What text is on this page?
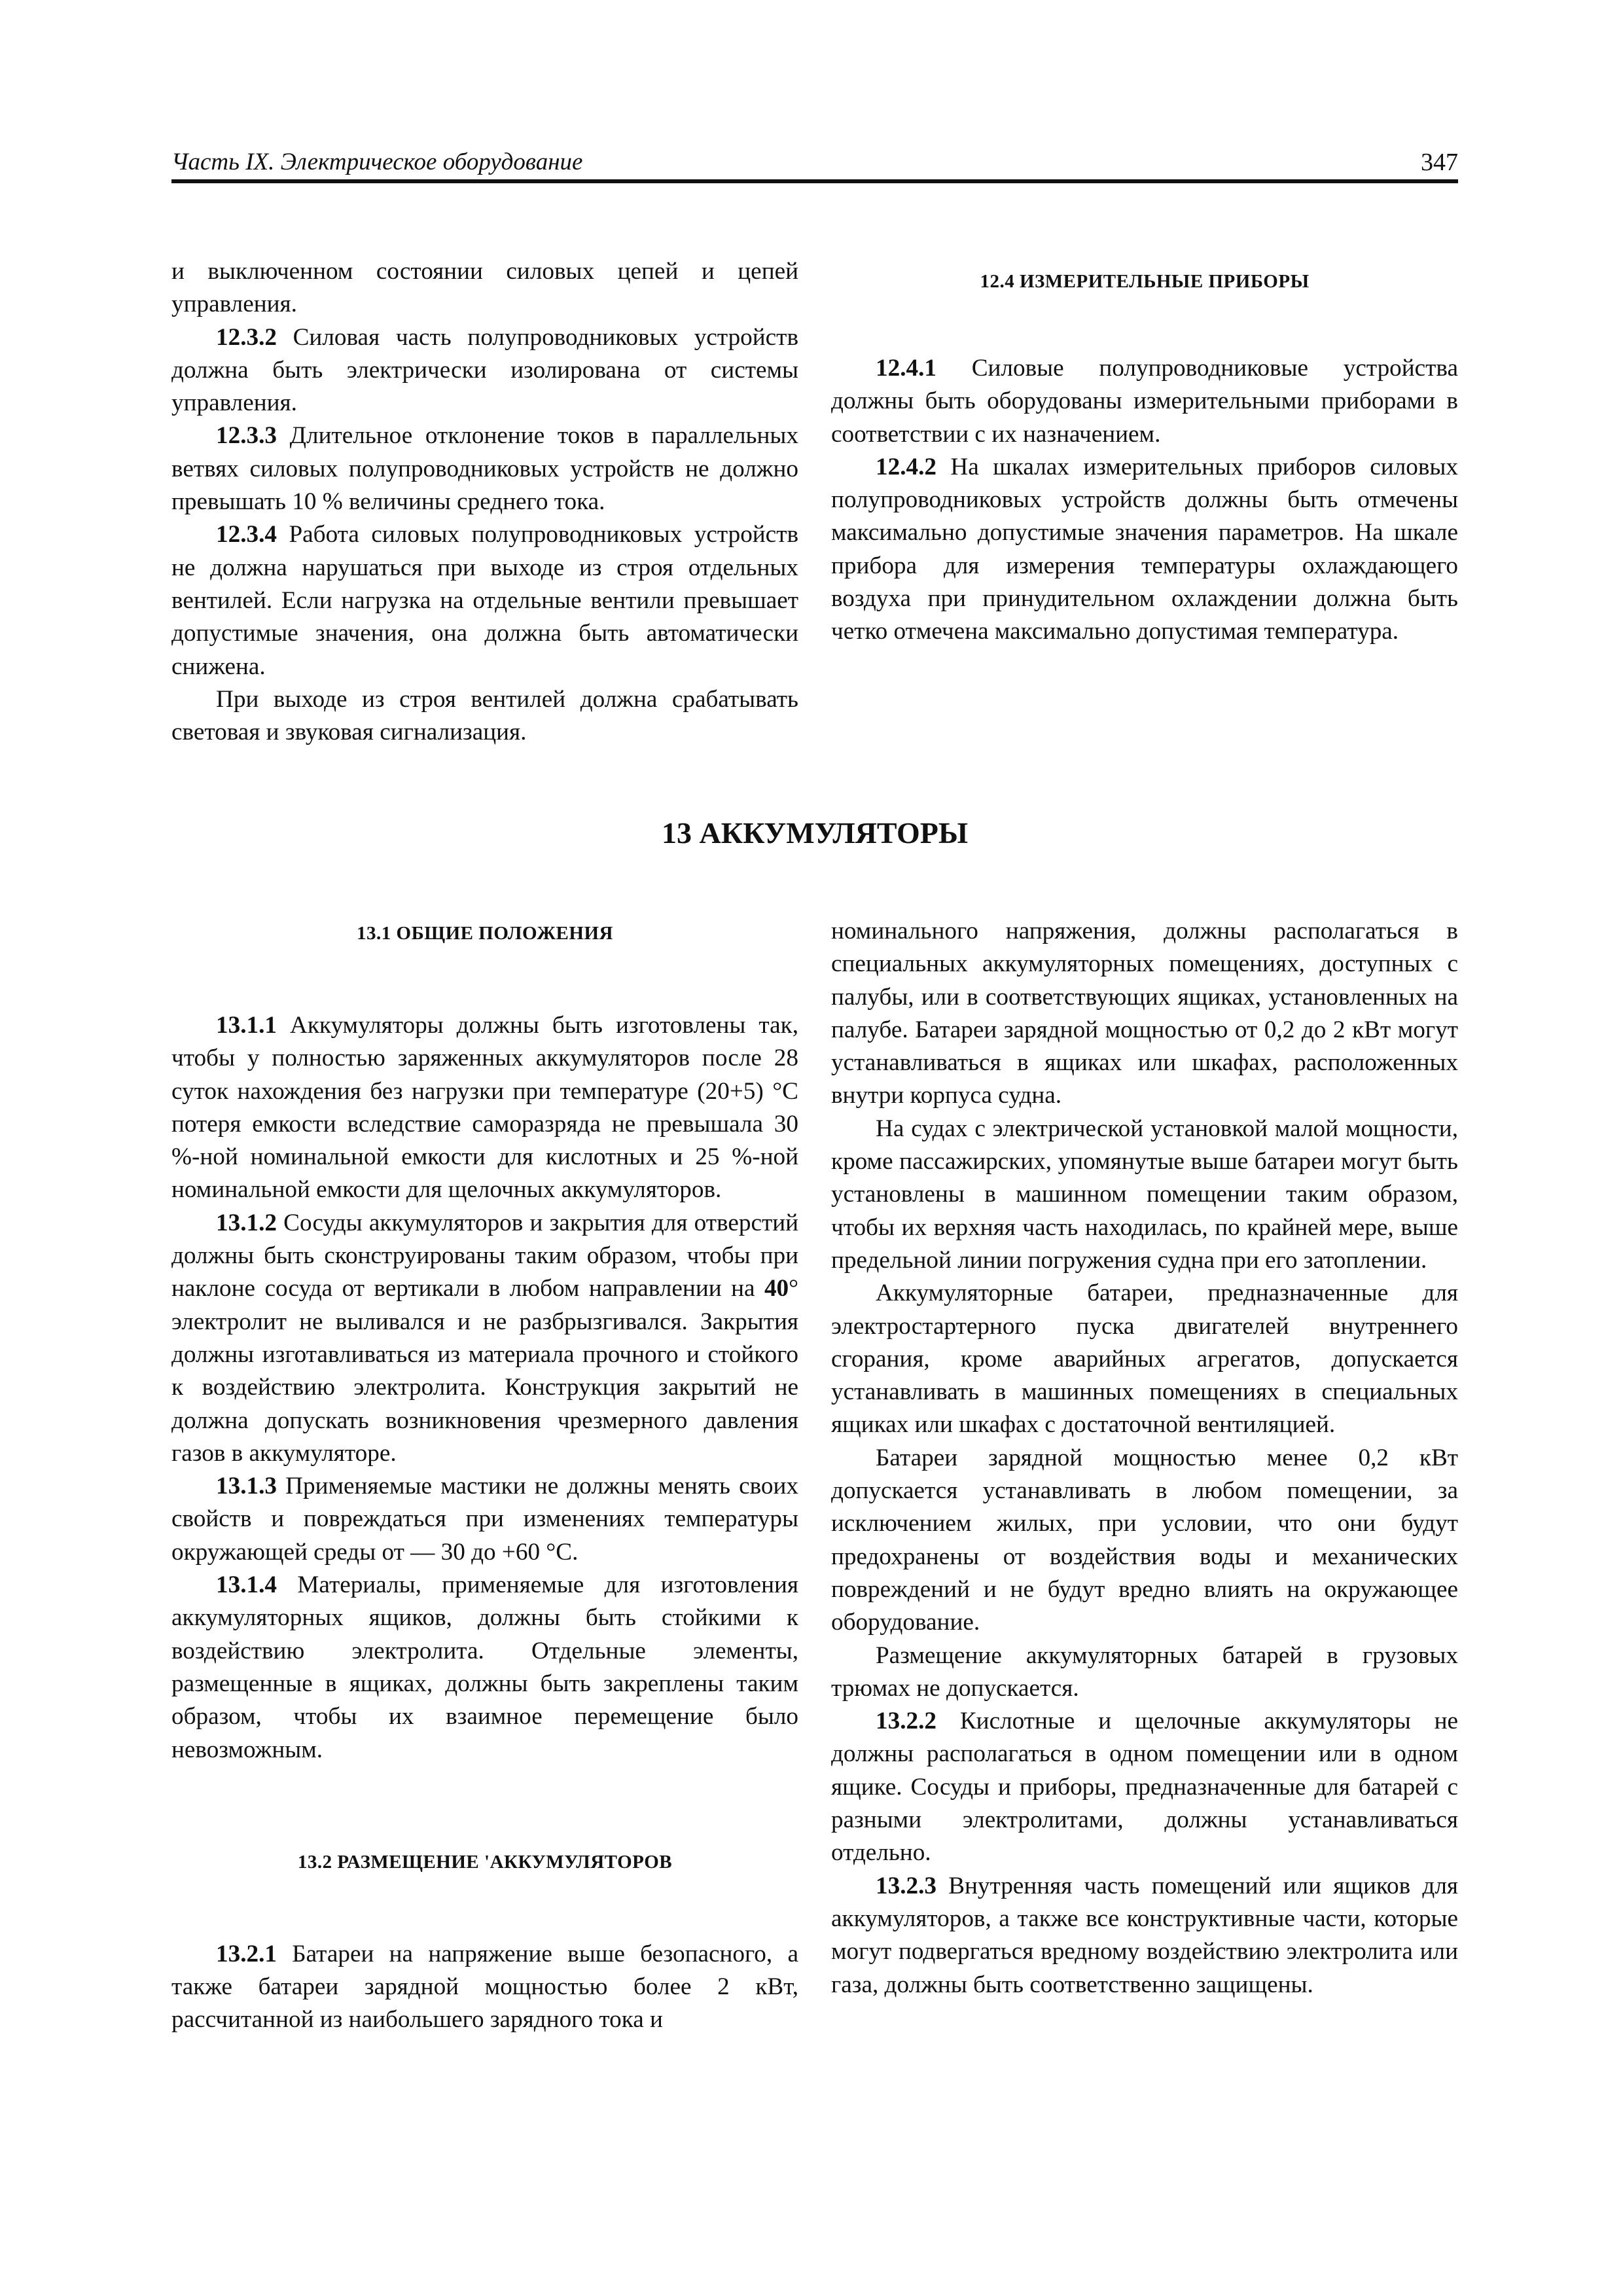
Часть IX. Электрическое оборудование	347

и выключенном состоянии силовых цепей и цепей управления.

12.3.2 Силовая часть полупроводниковых устройств должна быть электрически изолирована от системы управления.

12.3.3 Длительное отклонение токов в параллельных ветвях силовых полупроводниковых устройств не должно превышать 10 % величины среднего тока.

12.3.4 Работа силовых полупроводниковых устройств не должна нарушаться при выходе из строя отдельных вентилей. Если нагрузка на отдельные вентили превышает допустимые значения, она должна быть автоматически снижена.

При выходе из строя вентилей должна срабатывать световая и звуковая сигнализация.

12.4 ИЗМЕРИТЕЛЬНЫЕ ПРИБОРЫ

12.4.1 Силовые полупроводниковые устройства должны быть оборудованы измерительными приборами в соответствии с их назначением.

12.4.2 На шкалах измерительных приборов силовых полупроводниковых устройств должны быть отмечены максимально допустимые значения параметров. На шкале прибора для измерения температуры охлаждающего воздуха при принудительном охлаждении должна быть четко отмечена максимально допустимая температура.

13 АККУМУЛЯТОРЫ

13.1 ОБЩИЕ ПОЛОЖЕНИЯ

13.1.1 Аккумуляторы должны быть изготовлены так, чтобы у полностью заряженных аккумуляторов после 28 суток нахождения без нагрузки при температуре (20+5) °С потеря емкости вследствие саморазряда не превышала 30 %-ной номинальной емкости для кислотных и 25 %-ной номинальной емкости для щелочных аккумуляторов.

13.1.2 Сосуды аккумуляторов и закрытия для отверстий должны быть сконструированы таким образом, чтобы при наклоне сосуда от вертикали в любом направлении на 40° электролит не выливался и не разбрызгивался. Закрытия должны изготавливаться из материала прочного и стойкого к воздействию электролита. Конструкция закрытий не должна допускать возникновения чрезмерного давления газов в аккумуляторе.

13.1.3 Применяемые мастики не должны менять своих свойств и повреждаться при изменениях температуры окружающей среды от — 30 до +60 °С.

13.1.4 Материалы, применяемые для изготовления аккумуляторных ящиков, должны быть стойкими к воздействию электролита. Отдельные элементы, размещенные в ящиках, должны быть закреплены таким образом, чтобы их взаимное перемещение было невозможным.

13.2 РАЗМЕЩЕНИЕ 'АККУМУЛЯТОРОВ

13.2.1 Батареи на напряжение выше безопасного, а также батареи зарядной мощностью более 2 кВт, рассчитанной из наибольшего зарядного тока и

номинального напряжения, должны располагаться в специальных аккумуляторных помещениях, доступных с палубы, или в соответствующих ящиках, установленных на палубе. Батареи зарядной мощностью от 0,2 до 2 кВт могут устанавливаться в ящиках или шкафах, расположенных внутри корпуса судна.

На судах с электрической установкой малой мощности, кроме пассажирских, упомянутые выше батареи могут быть установлены в машинном помещении таким образом, чтобы их верхняя часть находилась, по крайней мере, выше предельной линии погружения судна при его затоплении.

Аккумуляторные батареи, предназначенные для электростартерного пуска двигателей внутреннего сгорания, кроме аварийных агрегатов, допускается устанавливать в машинных помещениях в специальных ящиках или шкафах с достаточной вентиляцией.

Батареи зарядной мощностью менее 0,2 кВт допускается устанавливать в любом помещении, за исключением жилых, при условии, что они будут предохранены от воздействия воды и механических повреждений и не будут вредно влиять на окружающее оборудование.

Размещение аккумуляторных батарей в грузовых трюмах не допускается.

13.2.2 Кислотные и щелочные аккумуляторы не должны располагаться в одном помещении или в одном ящике. Сосуды и приборы, предназначенные для батарей с разными электролитами, должны устанавливаться отдельно.

13.2.3 Внутренняя часть помещений или ящиков для аккумуляторов, а также все конструктивные части, которые могут подвергаться вредному воздействию электролита или газа, должны быть соответственно защищены.
